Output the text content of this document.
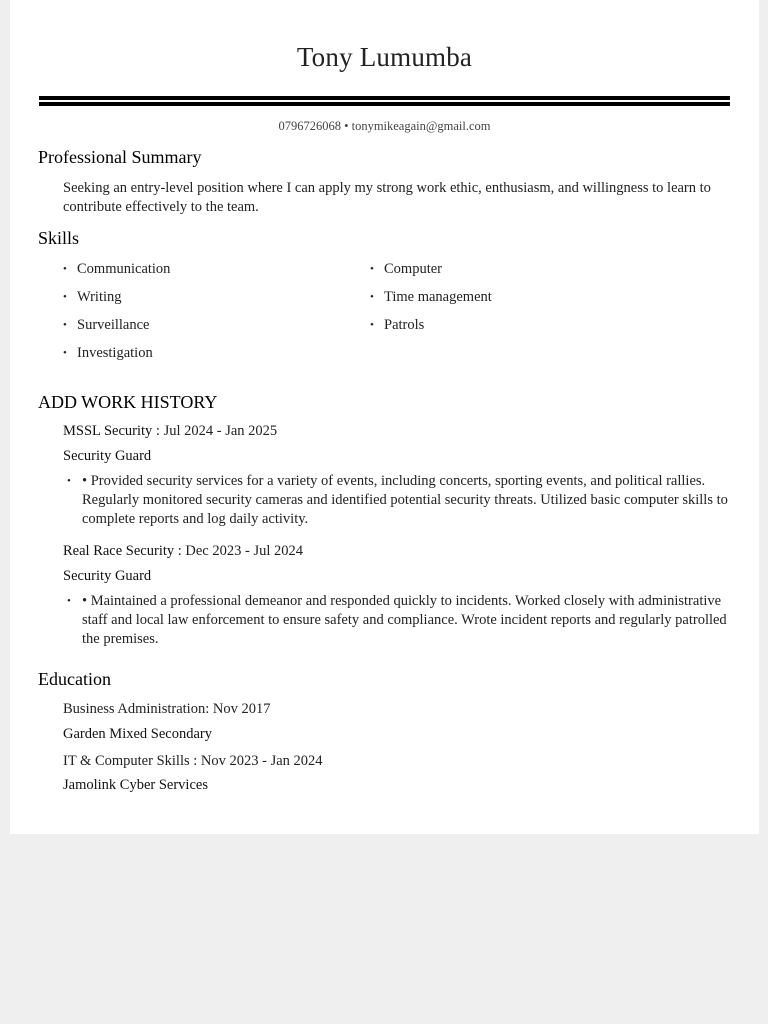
Tony Lumumba
0796726068 • tonymikeagain@gmail.com
Professional Summary
Seeking an entry-level position where I can apply my strong work ethic, enthusiasm, and willingness to learn to contribute effectively to the team.
Skills
• Communication
• Writing
• Surveillance
• Investigation
• Computer
• Time management
• Patrols
ADD WORK HISTORY
MSSL Security : Jul 2024 - Jan 2025
Security Guard
• • Provided security services for a variety of events, including concerts, sporting events, and political rallies. Regularly monitored security cameras and identified potential security threats. Utilized basic computer skills to complete reports and log daily activity.
Real Race Security : Dec 2023 - Jul 2024
Security Guard
• • Maintained a professional demeanor and responded quickly to incidents. Worked closely with administrative staff and local law enforcement to ensure safety and compliance. Wrote incident reports and regularly patrolled the premises.
Education
Business Administration: Nov 2017
Garden Mixed Secondary
IT & Computer Skills : Nov 2023 - Jan 2024
Jamolink Cyber Services
